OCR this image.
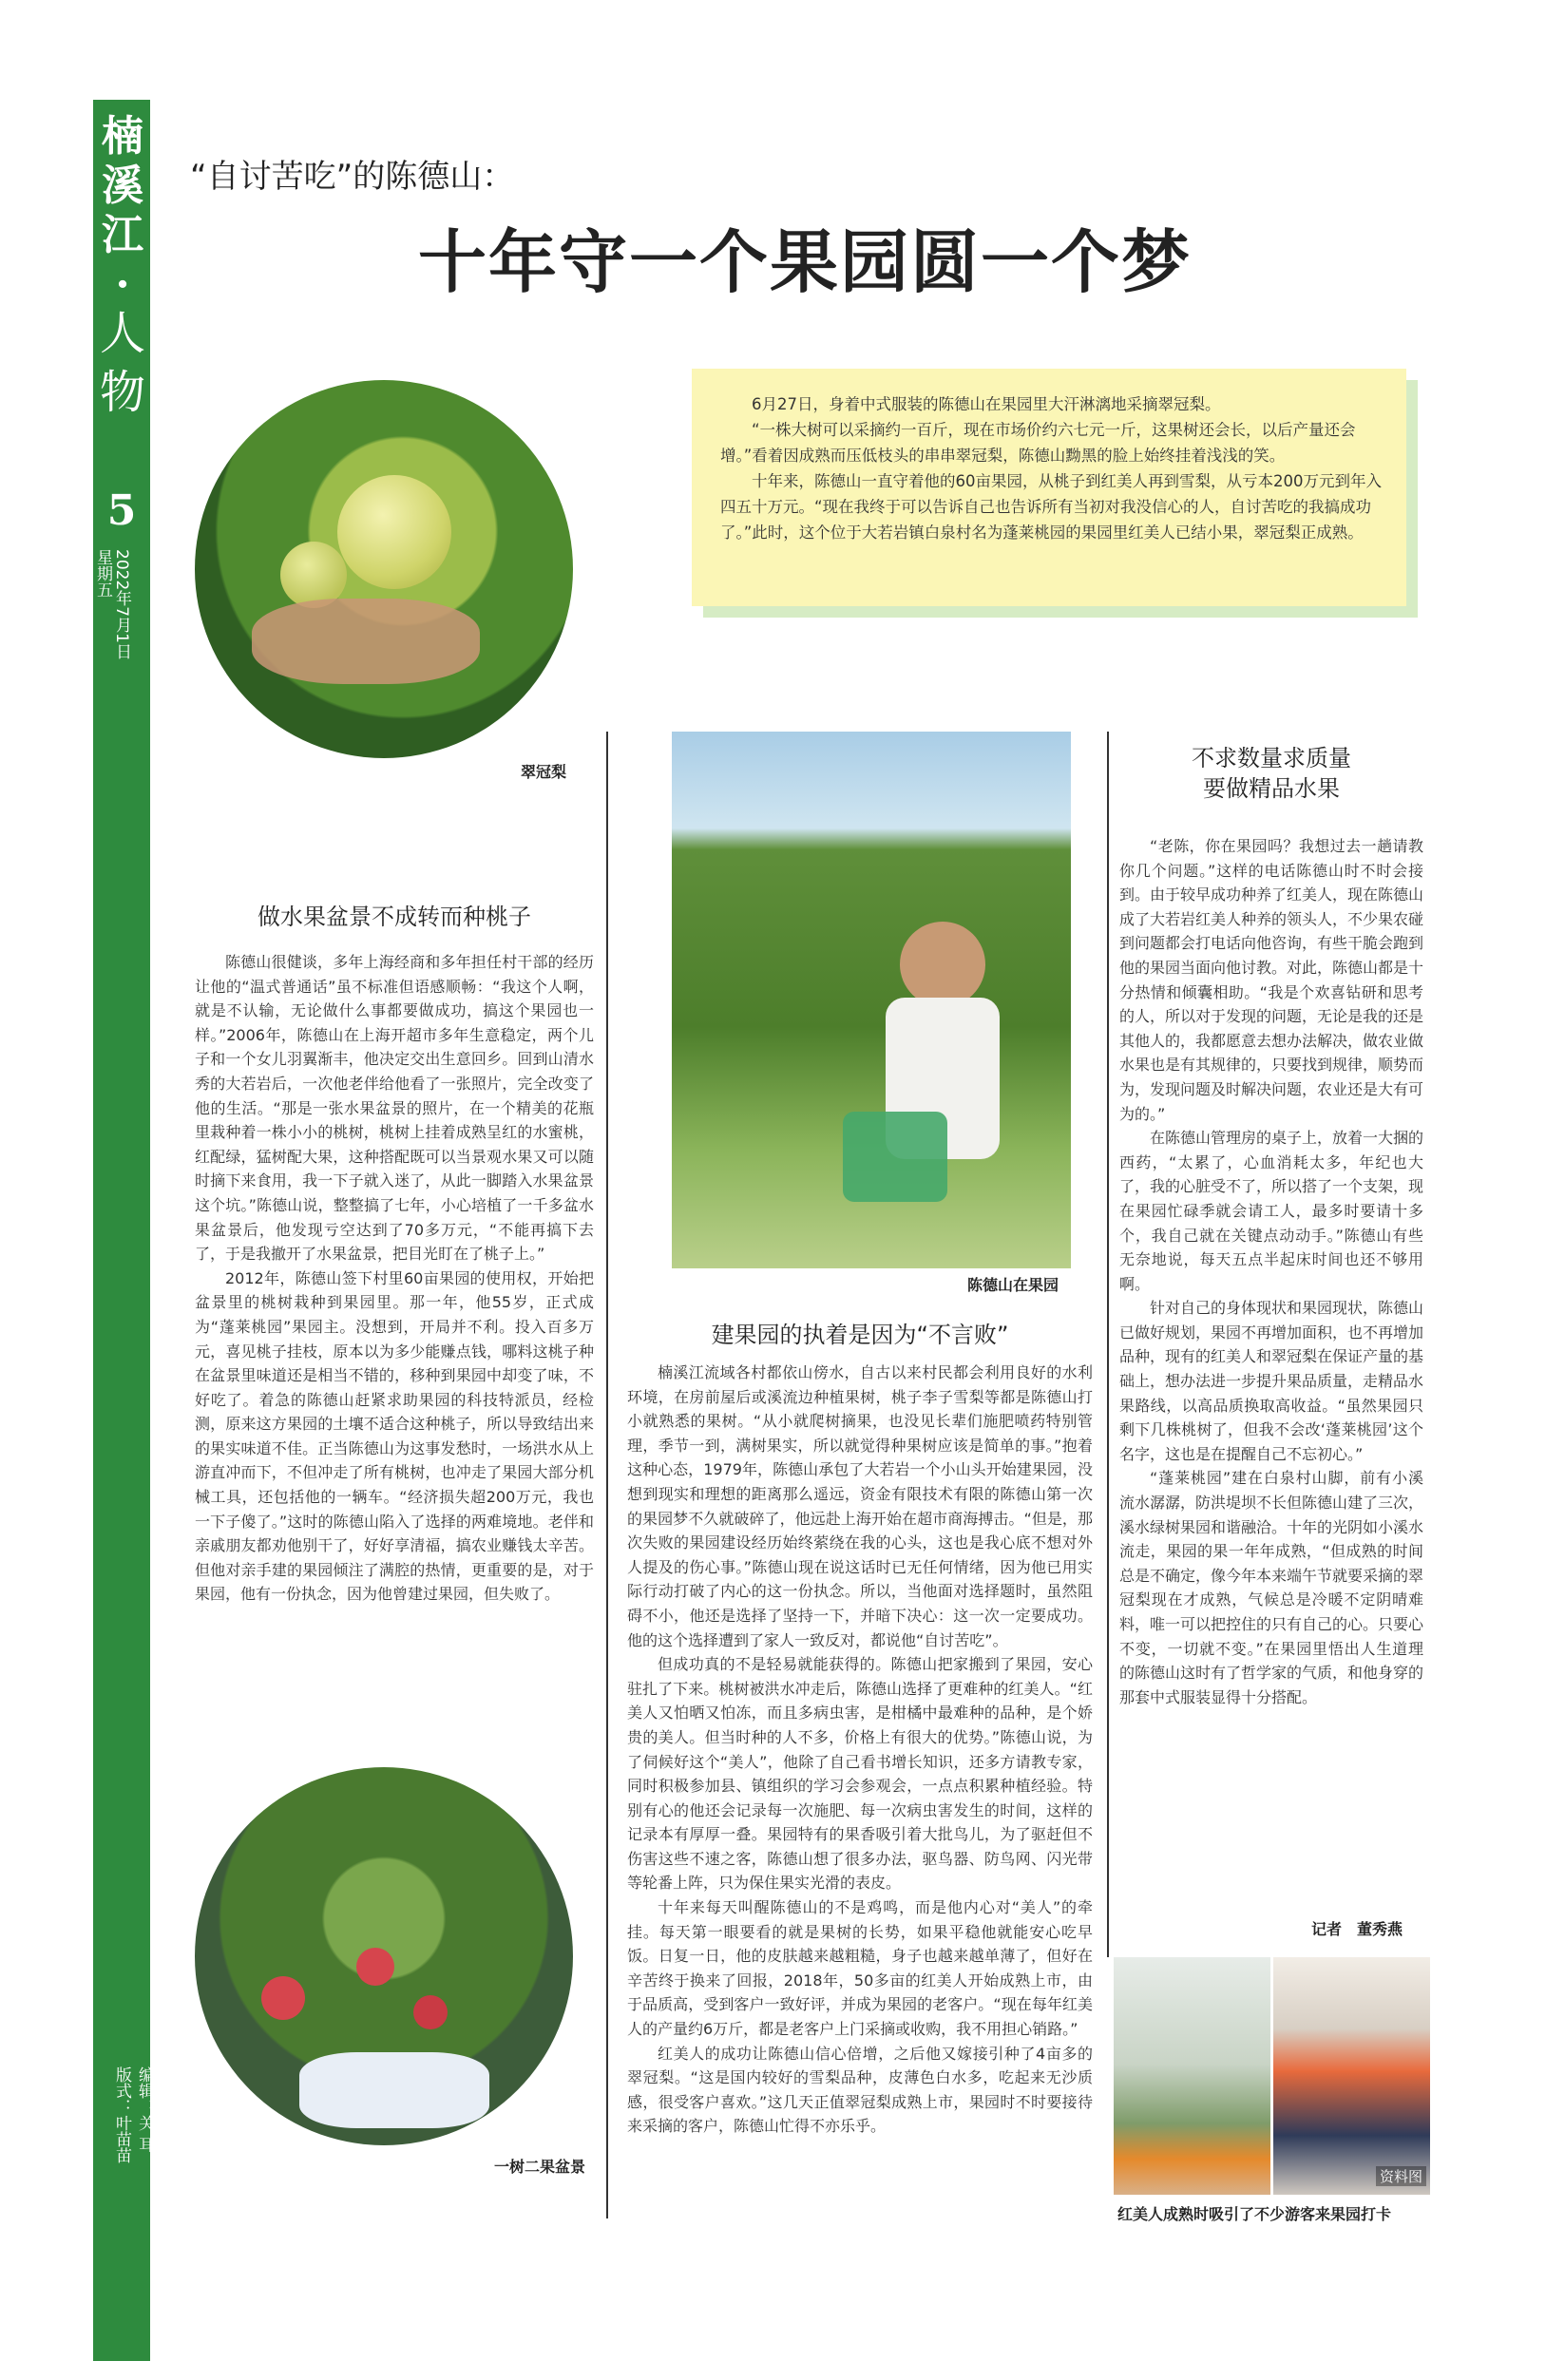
楠溪江·
人物
5
2022年7月1日
星期五
编辑：关 耳
版式：叶苗苗
“自讨苦吃”的陈德山：
十年守一个果园圆一个梦

6月27日，身着中式服装的陈德山在果园里大汗淋漓地采摘翠冠梨。

“一株大树可以采摘约一百斤，现在市场价约六七元一斤，这果树还会长，以后产量还会增。”看着因成熟而压低枝头的串串翠冠梨，陈德山黝黑的脸上始终挂着浅浅的笑。

十年来，陈德山一直守着他的60亩果园，从桃子到红美人再到雪梨，从亏本200万元到年入四五十万元。“现在我终于可以告诉自己也告诉所有当初对我没信心的人，自讨苦吃的我搞成功了。”此时，这个位于大若岩镇白泉村名为蓬莱桃园的果园里红美人已结小果，翠冠梨正成熟。

翠冠梨
陈德山在果园
一树二果盆景
资料图
红美人成熟时吸引了不少游客来果园打卡
做水果盆景不成转而种桃子

陈德山很健谈，多年上海经商和多年担任村干部的经历让他的“温式普通话”虽不标准但语感顺畅：“我这个人啊，就是不认输，无论做什么事都要做成功，搞这个果园也一样。”2006年，陈德山在上海开超市多年生意稳定，两个儿子和一个女儿羽翼渐丰，他决定交出生意回乡。回到山清水秀的大若岩后，一次他老伴给他看了一张照片，完全改变了他的生活。“那是一张水果盆景的照片，在一个精美的花瓶里栽种着一株小小的桃树，桃树上挂着成熟呈红的水蜜桃，红配绿，猛树配大果，这种搭配既可以当景观水果又可以随时摘下来食用，我一下子就入迷了，从此一脚踏入水果盆景这个坑。”陈德山说，整整搞了七年，小心培植了一千多盆水果盆景后，他发现亏空达到了70多万元，“不能再搞下去了，于是我撤开了水果盆景，把目光盯在了桃子上。”

2012年，陈德山签下村里60亩果园的使用权，开始把盆景里的桃树栽种到果园里。那一年，他55岁，正式成为“蓬莱桃园”果园主。没想到，开局并不利。投入百多万元，喜见桃子挂枝，原本以为多少能赚点钱，哪料这桃子种在盆景里味道还是相当不错的，移种到果园中却变了味，不好吃了。着急的陈德山赶紧求助果园的科技特派员，经检测，原来这方果园的土壤不适合这种桃子，所以导致结出来的果实味道不佳。正当陈德山为这事发愁时，一场洪水从上游直冲而下，不但冲走了所有桃树，也冲走了果园大部分机械工具，还包括他的一辆车。“经济损失超200万元，我也一下子傻了。”这时的陈德山陷入了选择的两难境地。老伴和亲戚朋友都劝他别干了，好好享清福，搞农业赚钱太辛苦。但他对亲手建的果园倾注了满腔的热情，更重要的是，对于果园，他有一份执念，因为他曾建过果园，但失败了。

建果园的执着是因为“不言败”

楠溪江流域各村都依山傍水，自古以来村民都会利用良好的水利环境，在房前屋后或溪流边种植果树，桃子李子雪梨等都是陈德山打小就熟悉的果树。“从小就爬树摘果，也没见长辈们施肥喷药特别管理，季节一到，满树果实，所以就觉得种果树应该是简单的事。”抱着这种心态，1979年，陈德山承包了大若岩一个小山头开始建果园，没想到现实和理想的距离那么遥远，资金有限技术有限的陈德山第一次的果园梦不久就破碎了，他远赴上海开始在超市商海搏击。“但是，那次失败的果园建设经历始终萦绕在我的心头，这也是我心底不想对外人提及的伤心事。”陈德山现在说这话时已无任何情绪，因为他已用实际行动打破了内心的这一份执念。所以，当他面对选择题时，虽然阻碍不小，他还是选择了坚持一下，并暗下决心：这一次一定要成功。他的这个选择遭到了家人一致反对，都说他“自讨苦吃”。

但成功真的不是轻易就能获得的。陈德山把家搬到了果园，安心驻扎了下来。桃树被洪水冲走后，陈德山选择了更难种的红美人。“红美人又怕晒又怕冻，而且多病虫害，是柑橘中最难种的品种，是个娇贵的美人。但当时种的人不多，价格上有很大的优势。”陈德山说，为了伺候好这个“美人”，他除了自己看书增长知识，还多方请教专家，同时积极参加县、镇组织的学习会参观会，一点点积累种植经验。特别有心的他还会记录每一次施肥、每一次病虫害发生的时间，这样的记录本有厚厚一叠。果园特有的果香吸引着大批鸟儿，为了驱赶但不伤害这些不速之客，陈德山想了很多办法，驱鸟器、防鸟网、闪光带等轮番上阵，只为保住果实光滑的表皮。

十年来每天叫醒陈德山的不是鸡鸣，而是他内心对“美人”的牵挂。每天第一眼要看的就是果树的长势，如果平稳他就能安心吃早饭。日复一日，他的皮肤越来越粗糙，身子也越来越单薄了，但好在辛苦终于换来了回报，2018年，50多亩的红美人开始成熟上市，由于品质高，受到客户一致好评，并成为果园的老客户。“现在每年红美人的产量约6万斤，都是老客户上门采摘或收购，我不用担心销路。”

红美人的成功让陈德山信心倍增，之后他又嫁接引种了4亩多的翠冠梨。“这是国内较好的雪梨品种，皮薄色白水多，吃起来无沙质感，很受客户喜欢。”这几天正值翠冠梨成熟上市，果园时不时要接待来采摘的客户，陈德山忙得不亦乐乎。

不求数量求质量
要做精品水果

“老陈，你在果园吗？我想过去一趟请教你几个问题。”这样的电话陈德山时不时会接到。由于较早成功种养了红美人，现在陈德山成了大若岩红美人种养的领头人，不少果农碰到问题都会打电话向他咨询，有些干脆会跑到他的果园当面向他讨教。对此，陈德山都是十分热情和倾囊相助。“我是个欢喜钻研和思考的人，所以对于发现的问题，无论是我的还是其他人的，我都愿意去想办法解决，做农业做水果也是有其规律的，只要找到规律，顺势而为，发现问题及时解决问题，农业还是大有可为的。”

在陈德山管理房的桌子上，放着一大捆的西药，“太累了，心血消耗太多，年纪也大了，我的心脏受不了，所以搭了一个支架，现在果园忙碌季就会请工人，最多时要请十多个，我自己就在关键点动动手。”陈德山有些无奈地说，每天五点半起床时间也还不够用啊。

针对自己的身体现状和果园现状，陈德山已做好规划，果园不再增加面积，也不再增加品种，现有的红美人和翠冠梨在保证产量的基础上，想办法进一步提升果品质量，走精品水果路线，以高品质换取高收益。“虽然果园只剩下几株桃树了，但我不会改‘蓬莱桃园’这个名字，这也是在提醒自己不忘初心。”

“蓬莱桃园”建在白泉村山脚，前有小溪流水潺潺，防洪堤坝不长但陈德山建了三次，溪水绿树果园和谐融洽。十年的光阴如小溪水流走，果园的果一年年成熟，“但成熟的时间总是不确定，像今年本来端午节就要采摘的翠冠梨现在才成熟，气候总是冷暖不定阴晴难料，唯一可以把控住的只有自己的心。只要心不变，一切就不变。”在果园里悟出人生道理的陈德山这时有了哲学家的气质，和他身穿的那套中式服装显得十分搭配。

记者　董秀燕
